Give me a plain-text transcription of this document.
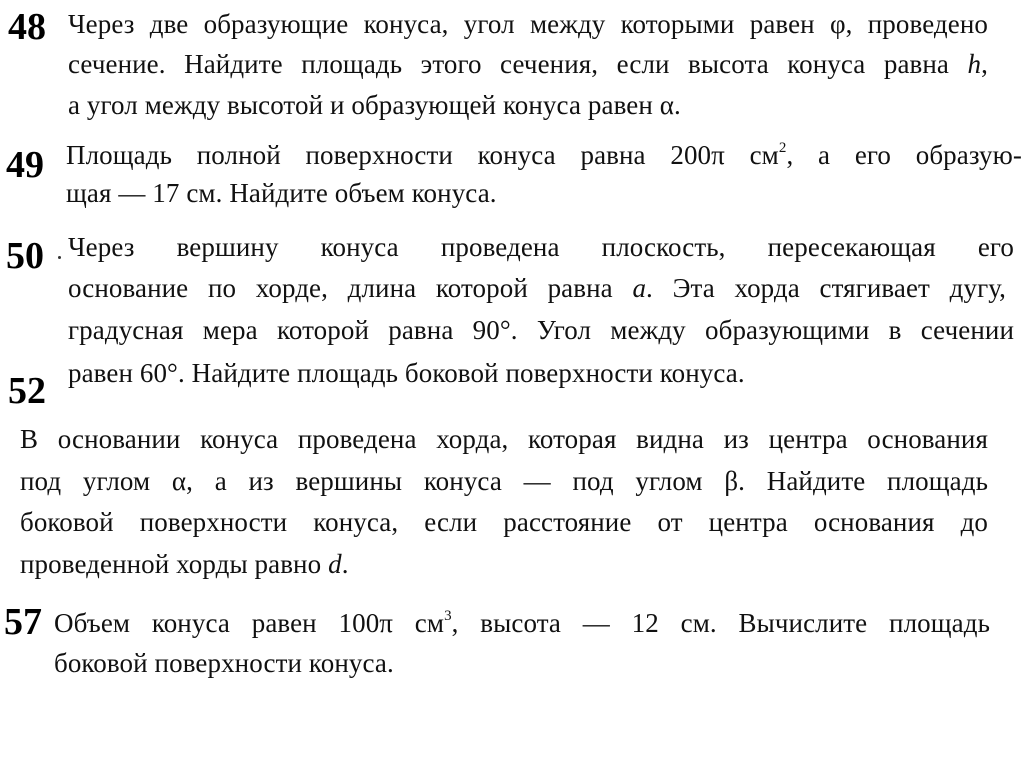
48 Через две образующие конуса, угол между которыми равен φ, проведено
сечение. Найдите площадь этого сечения, если высота конуса равна h,
а угол между высотой и образующей конуса равен α.
49 Площадь полной поверхности конуса равна 200π $см^2$, а его образую-
щая — 17 см. Найдите объем конуса.
50 Через вершину конуса проведена плоскость, пересекающая его
основание по хорде, длина которой равна a. Эта хорда стягивает дугу,
градусная мера которой равна 90°. Угол между образующими в сечении
равен 60°. Найдите площадь боковой поверхности конуса.
52
В основании конуса проведена хорда, которая видна из центра основания
под углом α, а из вершины конуса — под углом β. Найдите площадь
боковой поверхности конуса, если расстояние от центра основания до
проведенной хорды равно d.
57 Объем конуса равен 100π $см^3$, высота — 12 см. Вычислите площадь
боковой поверхности конуса.
